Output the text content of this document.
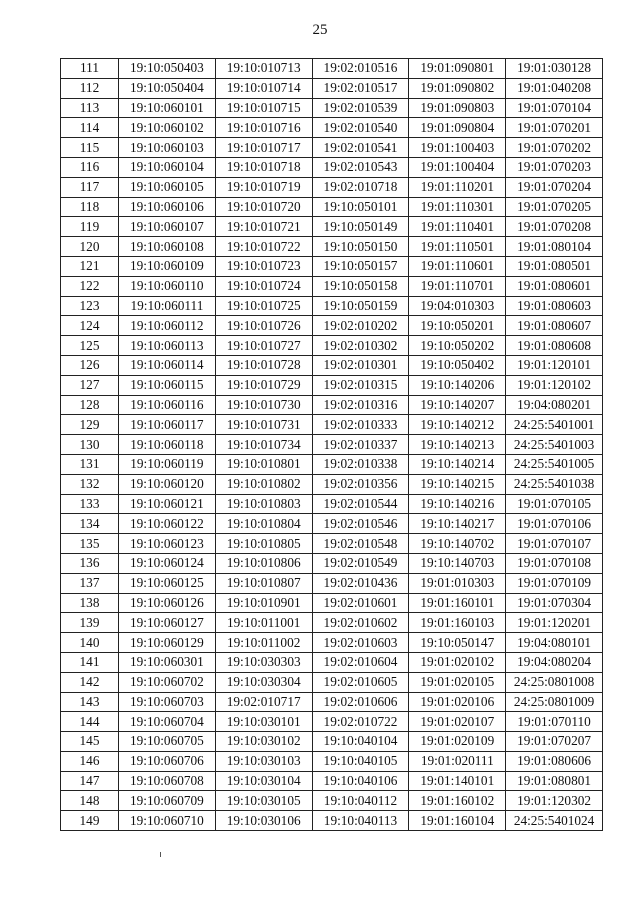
25
111	19:10:050403	19:10:010713	19:02:010516	19:01:090801	19:01:030128
112	19:10:050404	19:10:010714	19:02:010517	19:01:090802	19:01:040208
113	19:10:060101	19:10:010715	19:02:010539	19:01:090803	19:01:070104
114	19:10:060102	19:10:010716	19:02:010540	19:01:090804	19:01:070201
115	19:10:060103	19:10:010717	19:02:010541	19:01:100403	19:01:070202
116	19:10:060104	19:10:010718	19:02:010543	19:01:100404	19:01:070203
117	19:10:060105	19:10:010719	19:02:010718	19:01:110201	19:01:070204
118	19:10:060106	19:10:010720	19:10:050101	19:01:110301	19:01:070205
119	19:10:060107	19:10:010721	19:10:050149	19:01:110401	19:01:070208
120	19:10:060108	19:10:010722	19:10:050150	19:01:110501	19:01:080104
121	19:10:060109	19:10:010723	19:10:050157	19:01:110601	19:01:080501
122	19:10:060110	19:10:010724	19:10:050158	19:01:110701	19:01:080601
123	19:10:060111	19:10:010725	19:10:050159	19:04:010303	19:01:080603
124	19:10:060112	19:10:010726	19:02:010202	19:10:050201	19:01:080607
125	19:10:060113	19:10:010727	19:02:010302	19:10:050202	19:01:080608
126	19:10:060114	19:10:010728	19:02:010301	19:10:050402	19:01:120101
127	19:10:060115	19:10:010729	19:02:010315	19:10:140206	19:01:120102
128	19:10:060116	19:10:010730	19:02:010316	19:10:140207	19:04:080201
129	19:10:060117	19:10:010731	19:02:010333	19:10:140212	24:25:5401001
130	19:10:060118	19:10:010734	19:02:010337	19:10:140213	24:25:5401003
131	19:10:060119	19:10:010801	19:02:010338	19:10:140214	24:25:5401005
132	19:10:060120	19:10:010802	19:02:010356	19:10:140215	24:25:5401038
133	19:10:060121	19:10:010803	19:02:010544	19:10:140216	19:01:070105
134	19:10:060122	19:10:010804	19:02:010546	19:10:140217	19:01:070106
135	19:10:060123	19:10:010805	19:02:010548	19:10:140702	19:01:070107
136	19:10:060124	19:10:010806	19:02:010549	19:10:140703	19:01:070108
137	19:10:060125	19:10:010807	19:02:010436	19:01:010303	19:01:070109
138	19:10:060126	19:10:010901	19:02:010601	19:01:160101	19:01:070304
139	19:10:060127	19:10:011001	19:02:010602	19:01:160103	19:01:120201
140	19:10:060129	19:10:011002	19:02:010603	19:10:050147	19:04:080101
141	19:10:060301	19:10:030303	19:02:010604	19:01:020102	19:04:080204
142	19:10:060702	19:10:030304	19:02:010605	19:01:020105	24:25:0801008
143	19:10:060703	19:02:010717	19:02:010606	19:01:020106	24:25:0801009
144	19:10:060704	19:10:030101	19:02:010722	19:01:020107	19:01:070110
145	19:10:060705	19:10:030102	19:10:040104	19:01:020109	19:01:070207
146	19:10:060706	19:10:030103	19:10:040105	19:01:020111	19:01:080606
147	19:10:060708	19:10:030104	19:10:040106	19:01:140101	19:01:080801
148	19:10:060709	19:10:030105	19:10:040112	19:01:160102	19:01:120302
149	19:10:060710	19:10:030106	19:10:040113	19:01:160104	24:25:5401024
